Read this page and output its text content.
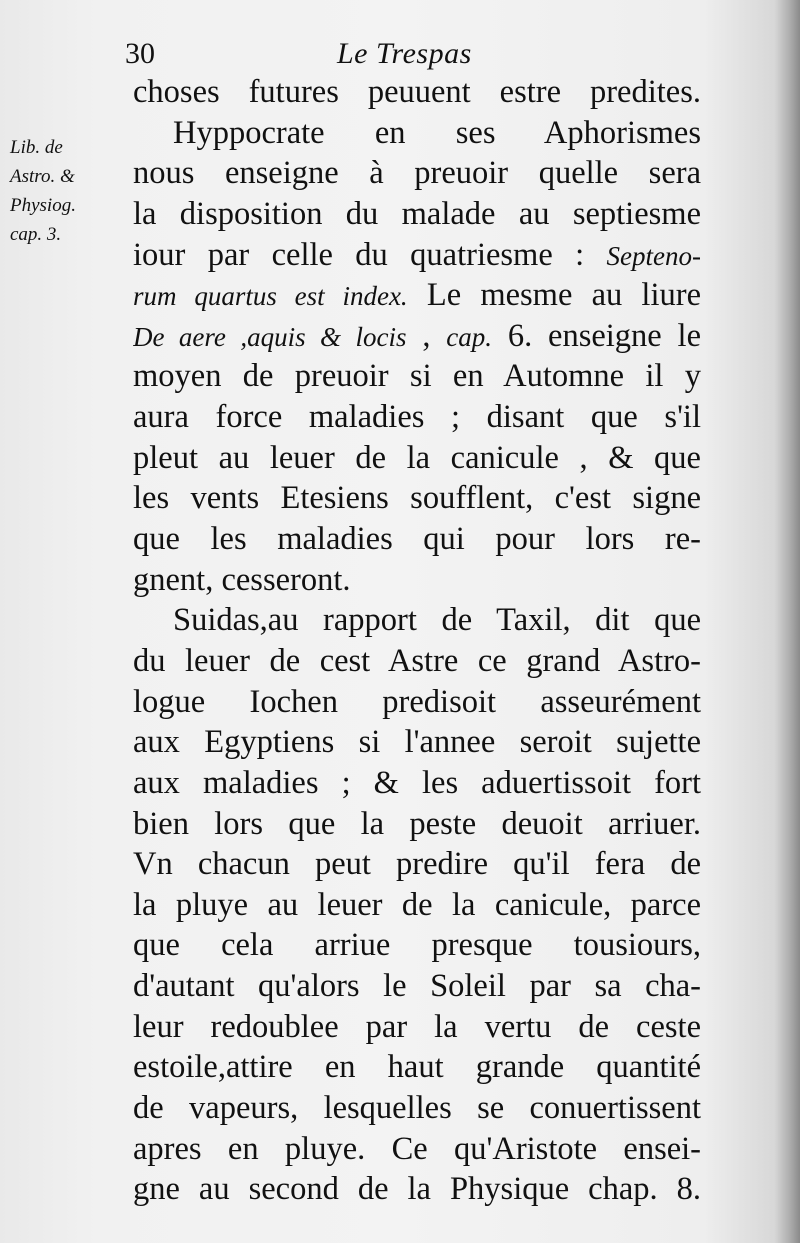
30	Le Trespas
Lib. de
Astro. &
Physiog.
cap. 3.
choses futures peuuent estre predites.
Hyppocrate en ses Aphorismes
nous enseigne à preuoir quelle sera
la disposition du malade au septiesme
iour par celle du quatriesme : Septeno-
rum quartus est index. Le mesme au liure
De aere ,aquis & locis , cap. 6. enseigne le
moyen de preuoir si en Automne il y
aura force maladies ; disant que s'il
pleut au leuer de la canicule , & que
les vents Etesiens soufflent, c'est signe
que les maladies qui pour lors re-
gnent, cesseront.
Suidas,au rapport de Taxil, dit que
du leuer de cest Astre ce grand Astro-
logue Iochen predisoit asseurément
aux Egyptiens si l'annee seroit sujette
aux maladies ; & les aduertissoit fort
bien lors que la peste deuoit arriuer.
Vn chacun peut predire qu'il fera de
la pluye au leuer de la canicule, parce
que cela arriue presque tousiours,
d'autant qu'alors le Soleil par sa cha-
leur redoublee par la vertu de ceste
estoile,attire en haut grande quantité
de vapeurs, lesquelles se conuertissent
apres en pluye. Ce qu'Aristote ensei-
gne au second de la Physique chap. 8.
